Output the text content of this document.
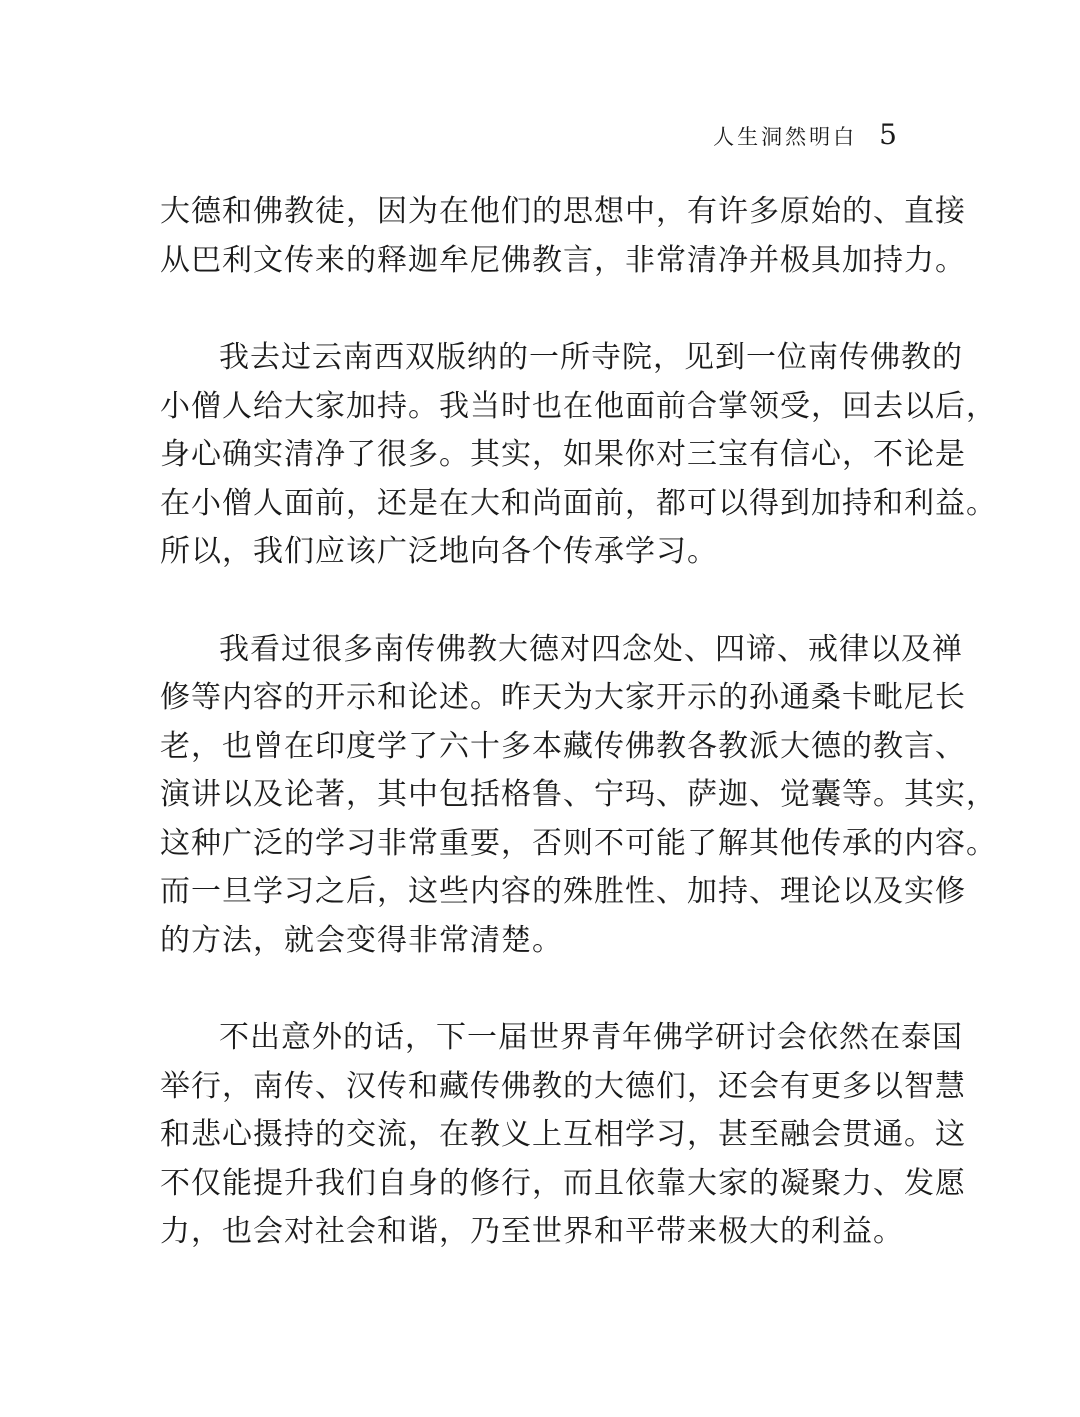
人生洞然明白 5
大德和佛教徒，因为在他们的思想中，有许多原始的、直接
从巴利文传来的释迦牟尼佛教言，非常清净并极具加持力。
我去过云南西双版纳的一所寺院，见到一位南传佛教的
小僧人给大家加持。我当时也在他面前合掌领受，回去以后，
身心确实清净了很多。其实，如果你对三宝有信心，不论是
在小僧人面前，还是在大和尚面前，都可以得到加持和利益。
所以，我们应该广泛地向各个传承学习。
我看过很多南传佛教大德对四念处、四谛、戒律以及禅
修等内容的开示和论述。昨天为大家开示的孙通桑卡毗尼长
老，也曾在印度学了六十多本藏传佛教各教派大德的教言、
演讲以及论著，其中包括格鲁、宁玛、萨迦、觉囊等。其实，
这种广泛的学习非常重要，否则不可能了解其他传承的内容。
而一旦学习之后，这些内容的殊胜性、加持、理论以及实修
的方法，就会变得非常清楚。
不出意外的话，下一届世界青年佛学研讨会依然在泰国
举行，南传、汉传和藏传佛教的大德们，还会有更多以智慧
和悲心摄持的交流，在教义上互相学习，甚至融会贯通。这
不仅能提升我们自身的修行，而且依靠大家的凝聚力、发愿
力，也会对社会和谐，乃至世界和平带来极大的利益。
